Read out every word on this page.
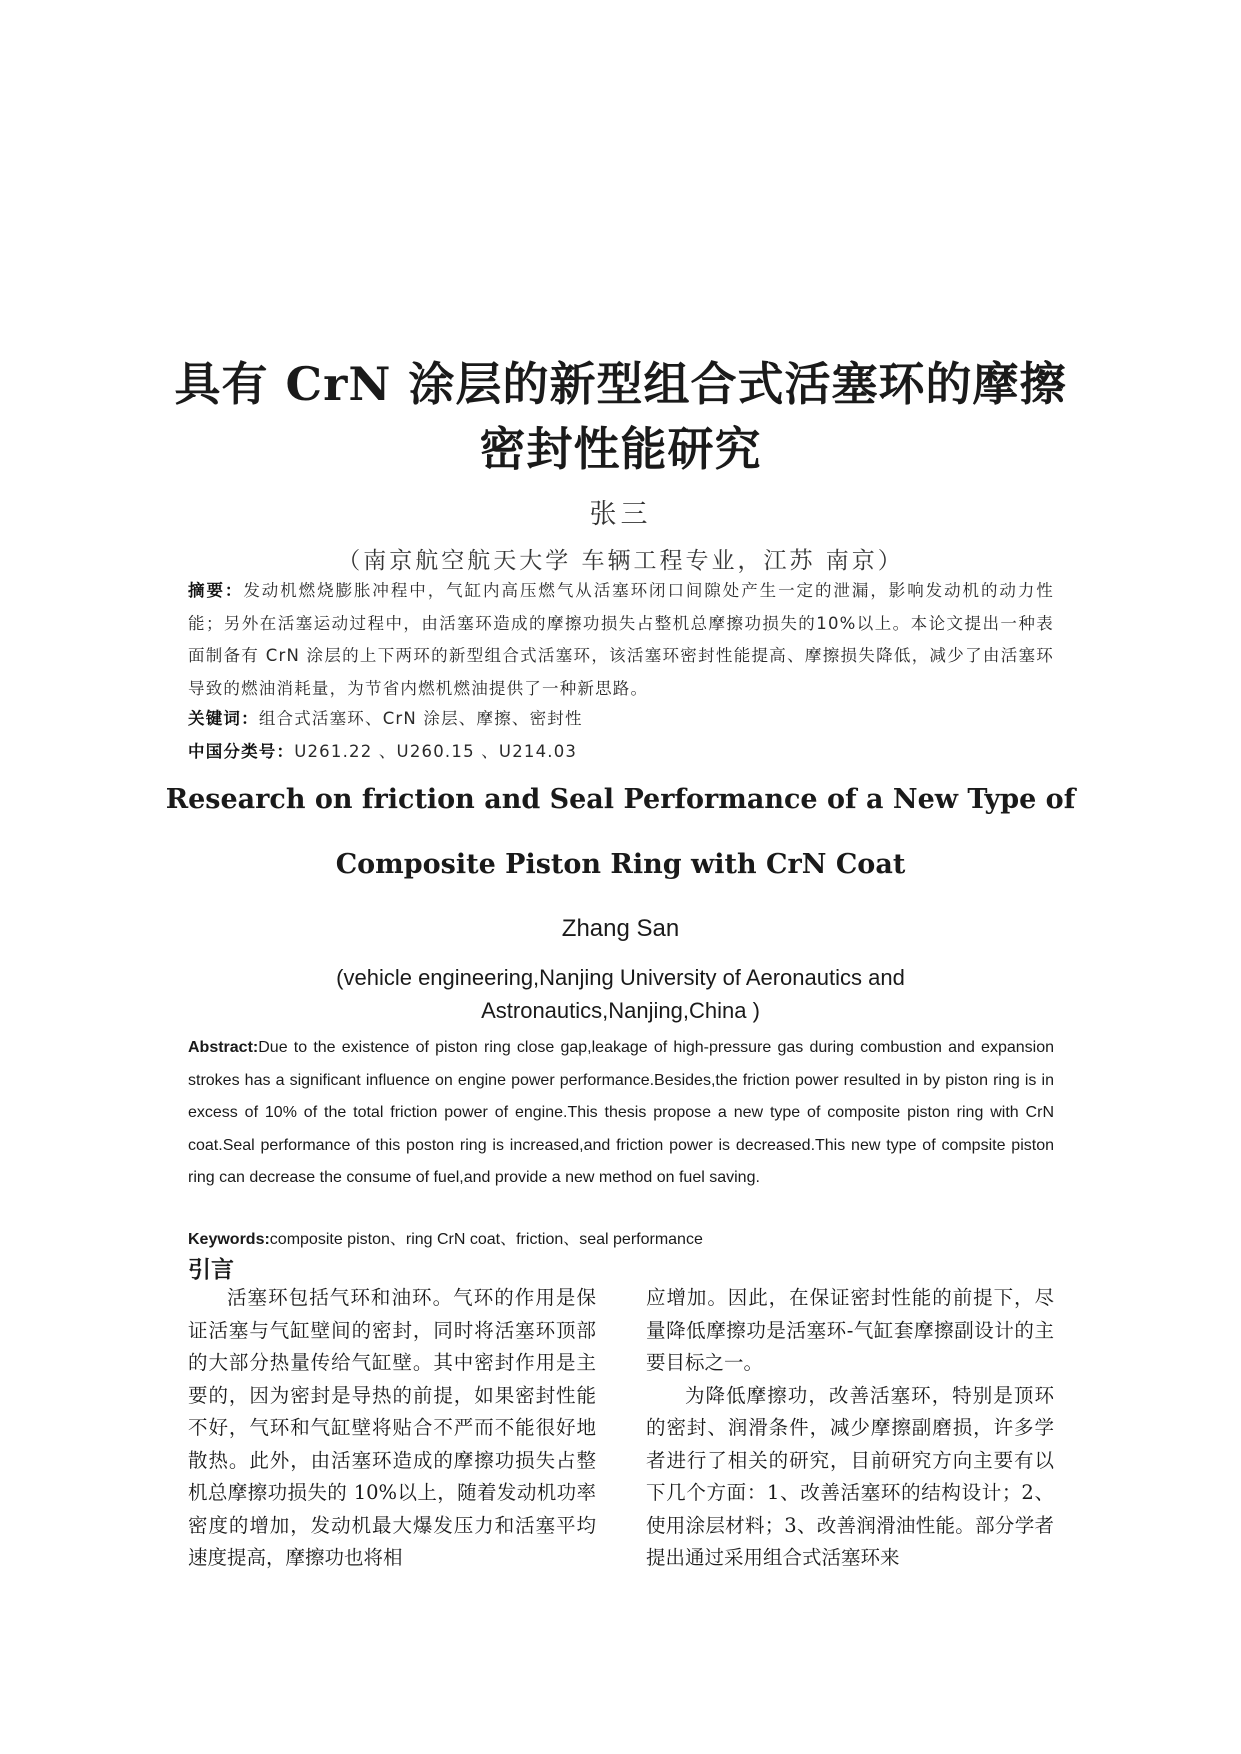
具有 CrN 涂层的新型组合式活塞环的摩擦
密封性能研究
张三
（南京航空航天大学 车辆工程专业，江苏 南京）
摘要：发动机燃烧膨胀冲程中，气缸内高压燃气从活塞环闭口间隙处产生一定的泄漏，影响发动机的动力性能；另外在活塞运动过程中，由活塞环造成的摩擦功损失占整机总摩擦功损失的10%以上。本论文提出一种表面制备有 CrN 涂层的上下两环的新型组合式活塞环，该活塞环密封性能提高、摩擦损失降低，减少了由活塞环导致的燃油消耗量，为节省内燃机燃油提供了一种新思路。
关键词：组合式活塞环、CrN 涂层、摩擦、密封性
中国分类号：U261.22 、U260.15 、U214.03
Research on friction and Seal Performance of a New Type of
Composite Piston Ring with CrN Coat
Zhang San
(vehicle engineering,Nanjing University of Aeronautics and
Astronautics,Nanjing,China )
Abstract:Due to the existence of piston ring close gap,leakage of high-pressure gas during combustion and expansion strokes has a significant influence on engine power performance.Besides,the friction power resulted in by piston ring is in excess of 10% of the total friction power of engine.This thesis propose a new type of composite piston ring with CrN coat.Seal performance of this poston ring is increased,and friction power is decreased.This new type of compsite piston ring can decrease the consume of fuel,and provide a new method on fuel saving.
Keywords:composite piston、ring CrN coat、friction、seal performance
引言

活塞环包括气环和油环。气环的作用是保证活塞与气缸壁间的密封，同时将活塞环顶部的大部分热量传给气缸壁。其中密封作用是主要的，因为密封是导热的前提，如果密封性能不好，气环和气缸壁将贴合不严而不能很好地散热。此外，由活塞环造成的摩擦功损失占整机总摩擦功损失的 10%以上，随着发动机功率密度的增加，发动机最大爆发压力和活塞平均速度提高，摩擦功也将相

应增加。因此，在保证密封性能的前提下，尽量降低摩擦功是活塞环-气缸套摩擦副设计的主要目标之一。

为降低摩擦功，改善活塞环，特别是顶环的密封、润滑条件，减少摩擦副磨损，许多学者进行了相关的研究，目前研究方向主要有以下几个方面：1、改善活塞环的结构设计；2、使用涂层材料；3、改善润滑油性能。部分学者提出通过采用组合式活塞环来
